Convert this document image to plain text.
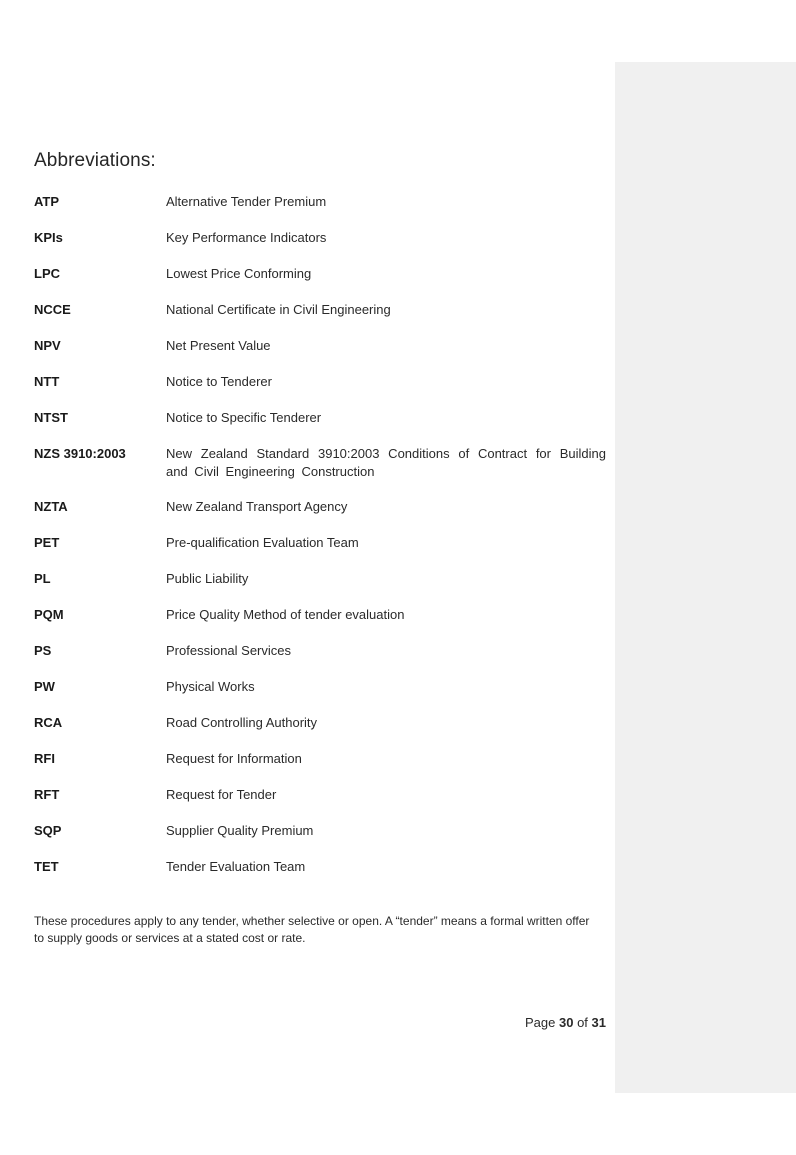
Abbreviations:
ATP	Alternative Tender Premium
KPIs	Key Performance Indicators
LPC	Lowest Price Conforming
NCCE	National Certificate in Civil Engineering
NPV	Net Present Value
NTT	Notice to Tenderer
NTST	Notice to Specific Tenderer
NZS 3910:2003	New Zealand Standard 3910:2003 Conditions of Contract for Building and Civil Engineering Construction
NZTA	New Zealand Transport Agency
PET	Pre-qualification Evaluation Team
PL	Public Liability
PQM	Price Quality Method of tender evaluation
PS	Professional Services
PW	Physical Works
RCA	Road Controlling Authority
RFI	Request for Information
RFT	Request for Tender
SQP	Supplier Quality Premium
TET	Tender Evaluation Team

These procedures apply to any tender, whether selective or open. A “tender” means a formal written offer to supply goods or services at a stated cost or rate.

Page 30 of 31
